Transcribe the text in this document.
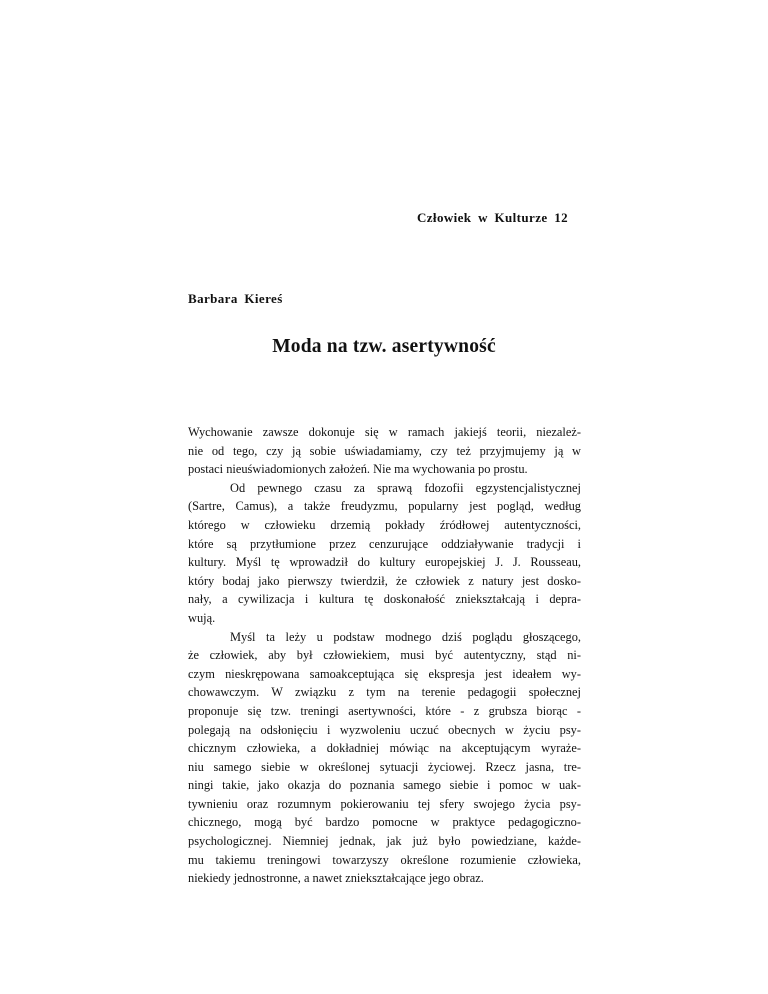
Człowiek w Kulturze 12
Barbara Kiereś
Moda na tzw. asertywność
Wychowanie zawsze dokonuje się w ramach jakiejś teorii, niezależ-
nie od tego, czy ją sobie uświadamiamy, czy też przyjmujemy ją w
postaci nieuświadomionych założeń. Nie ma wychowania po prostu.
Od pewnego czasu za sprawą fdozofii egzystencjalistycznej
(Sartre, Camus), a także freudyzmu, popularny jest pogląd, według
którego w człowieku drzemią pokłady źródłowej autentyczności,
które są przytłumione przez cenzurujące oddziaływanie tradycji i
kultury. Myśl tę wprowadził do kultury europejskiej J. J. Rousseau,
który bodaj jako pierwszy twierdził, że człowiek z natury jest dosko-
nały, a cywilizacja i kultura tę doskonałość zniekształcają i depra-
wują.
Myśl ta leży u podstaw modnego dziś poglądu głoszącego,
że człowiek, aby był człowiekiem, musi być autentyczny, stąd ni-
czym nieskrępowana samoakceptująca się ekspresja jest ideałem wy-
chowawczym. W związku z tym na terenie pedagogii społecznej
proponuje się tzw. treningi asertywności, które - z grubsza biorąc -
polegają na odsłonięciu i wyzwoleniu uczuć obecnych w życiu psy-
chicznym człowieka, a dokładniej mówiąc na akceptującym wyraże-
niu samego siebie w określonej sytuacji życiowej. Rzecz jasna, tre-
ningi takie, jako okazja do poznania samego siebie i pomoc w uak-
tywnieniu oraz rozumnym pokierowaniu tej sfery swojego życia psy-
chicznego, mogą być bardzo pomocne w praktyce pedagogiczno-
psychologicznej. Niemniej jednak, jak już było powiedziane, każde-
mu takiemu treningowi towarzyszy określone rozumienie człowieka,
niekiedy jednostronne, a nawet zniekształcające jego obraz.
